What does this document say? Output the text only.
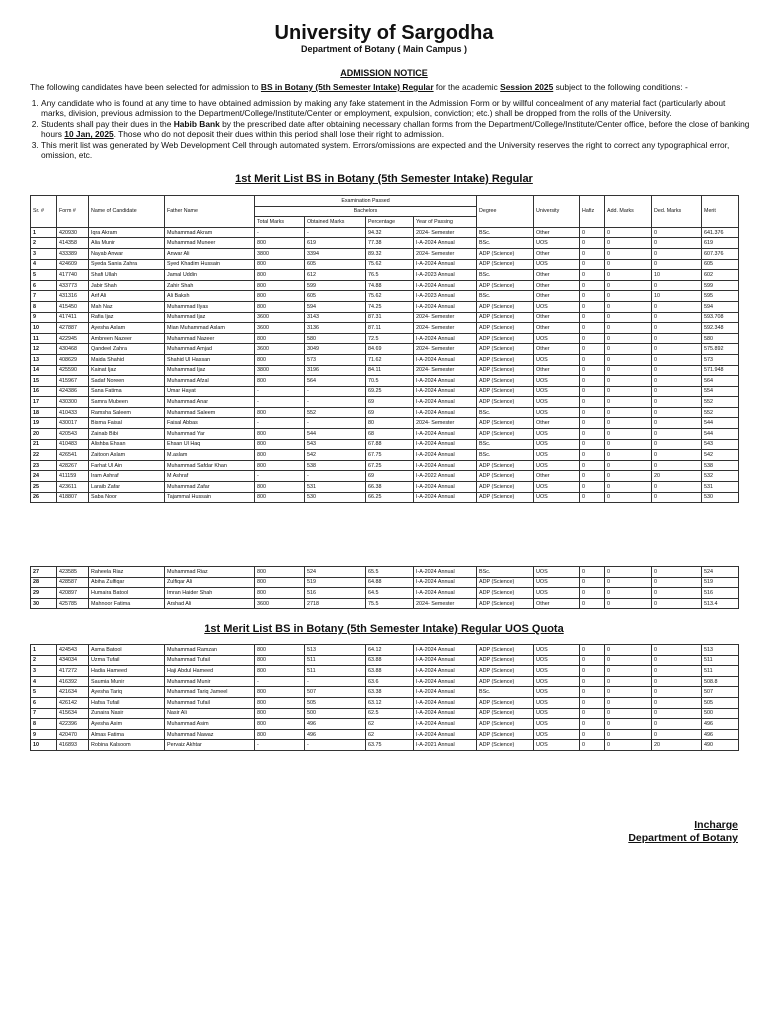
University of Sargodha
Department of Botany ( Main Campus )
ADMISSION NOTICE
The following candidates have been selected for admission to BS in Botany (5th Semester Intake) Regular for the academic Session 2025 subject to the following conditions: -
1. Any candidate who is found at any time to have obtained admission by making any fake statement in the Admission Form or by willful concealment of any material fact (particularly about marks, division, previous admission to the Department/College/Institute/Center or employment, expulsion, conviction; etc.) shall be dropped from the rolls of the University.
2. Students shall pay their dues in the Habib Bank by the prescribed date after obtaining necessary challan forms from the Department/College/Institute/Center office, before the close of banking hours 10 Jan, 2025. Those who do not deposit their dues within this period shall lose their right to admission.
3. This merit list was generated by Web Development Cell through automated system. Errors/omissions are expected and the University reserves the right to correct any typographical error, omission, etc.
1st Merit List BS in Botany (5th Semester Intake) Regular
Sr. #	Form #	Name of Candidate	Father Name	Examination Passed				Degree	University	Hafiz	Add. Marks	Ded. Marks	Merit
				Bachelors									
				Total Marks	Obtained Marks	Percentage	Year of Passing						
1	420930	Iqra Akram	Muhammad Akram	-	-	94.32	2024- Semester	BSc.	Other	0	0	0	641.376
2	414358	Alia Munir	Muhammad Muneer	800	619	77.38	I-A-2024 Annual	BSc.	UOS	0	0	0	619
3	433389	Nayab Anwar	Anwar Ali	3800	3394	89.32	2024- Semester	ADP (Science)	Other	0	0	0	607.376
4	424609	Syeda Sania Zahra	Syed Khadim Hussain	800	605	75.62	I-A-2024 Annual	ADP (Science)	UOS	0	0	0	605
5	417740	Shafi Ullah	Jamal Uddin	800	612	76.5	I-A-2023 Annual	BSc.	Other	0	0	10	602
6	433773	Jabir Shah	Zahir Shah	800	599	74.88	I-A-2024 Annual	ADP (Science)	Other	0	0	0	599
7	431316	Arif Ali	Ali Baksh	800	605	75.62	I-A-2023 Annual	BSc.	Other	0	0	10	595
8	415450	Mah Naz	Muhammad Ilyas	800	594	74.25	I-A-2024 Annual	ADP (Science)	UOS	0	0	0	594
9	417411	Rafia Ijaz	Muhammad Ijaz	3600	3143	87.31	2024- Semester	ADP (Science)	Other	0	0	0	593.708
10	427887	Ayesha Aslam	Mian Muhammad Aslam	3600	3136	87.11	2024- Semester	ADP (Science)	Other	0	0	0	592.348
11	422945	Ambreen Nazeer	Muhammad Nazeer	800	580	72.5	I-A-2024 Annual	ADP (Science)	UOS	0	0	0	580
12	430468	Qandeel Zahra	Muhammad Amjad	3600	3049	84.69	2024- Semester	ADP (Science)	Other	0	0	0	575.892
13	408629	Maida Shahid	Shahid Ul Hassan	800	573	71.62	I-A-2024 Annual	ADP (Science)	UOS	0	0	0	573
14	425590	Kainat Ijaz	Muhammad Ijaz	3800	3196	84.11	2024- Semester	ADP (Science)	Other	0	0	0	571.948
15	415967	Sadaf Noreen	Muhammad Afzal	800	564	70.5	I-A-2024 Annual	ADP (Science)	UOS	0	0	0	564
16	424386	Sana Fatima	Umar Hayat	-	-	69.25	I-A-2024 Annual	ADP (Science)	UOS	0	0	0	554
17	430300	Samra Mubeen	Muhammad Anar	-	-	69	I-A-2024 Annual	ADP (Science)	UOS	0	0	0	552
18	410433	Ramsha Saleem	Muhammad Saleem	800	552	69	I-A-2024 Annual	BSc.	UOS	0	0	0	552
19	430017	Bisma Faisal	Faisal Abbas	-	-	80	2024- Semester	ADP (Science)	Other	0	0	0	544
20	420543	Zainab Bibi	Muhammad Yar	800	544	68	I-A-2024 Annual	ADP (Science)	UOS	0	0	0	544
21	410483	Alishba Ehsan	Ehsan Ul Haq	800	543	67.88	I-A-2024 Annual	BSc.	UOS	0	0	0	543
22	426541	Zaitoon Aslam	M.aslam	800	542	67.75	I-A-2024 Annual	BSc.	UOS	0	0	0	542
23	428267	Farhat Ul Ain	Muhammad Safdar Khan	800	538	67.25	I-A-2024 Annual	ADP (Science)	UOS	0	0	0	538
24	411159	Iram Ashraf	M Ashraf	-	-	69	I-A-2022 Annual	ADP (Science)	Other	0	0	20	532
25	423611	Laraib Zafar	Muhammad Zafar	800	531	66.38	I-A-2024 Annual	ADP (Science)	UOS	0	0	0	531
26	418807	Saba Noor	Tajammal Hussain	800	530	66.25	I-A-2024 Annual	ADP (Science)	UOS	0	0	0	530
27	423585	Raheela Riaz	Muhammad Riaz	800	524	65.5	I-A-2024 Annual	BSc.	UOS	0	0	0	524
28	428587	Abiha Zulfiqar	Zulfiqar Ali	800	519	64.88	I-A-2024 Annual	ADP (Science)	UOS	0	0	0	519
29	420897	Humaira Batool	Imran Haider Shah	800	516	64.5	I-A-2024 Annual	ADP (Science)	UOS	0	0	0	516
30	425785	Mahnoor Fatima	Arshad Ali	3600	2718	75.5	2024- Semester	ADP (Science)	Other	0	0	0	513.4
1st Merit List BS in Botany (5th Semester Intake) Regular UOS Quota
1	424543	Asma Batool	Muhammad Ramzan	800	513	64.12	I-A-2024 Annual	ADP (Science)	UOS	0	0	0	513
2	434034	Uzma Tufail	Muhammad Tufail	800	511	63.88	I-A-2024 Annual	ADP (Science)	UOS	0	0	0	511
3	417272	Hadia Hameed	Haji Abdul Hameed	800	511	63.88	I-A-2024 Annual	ADP (Science)	UOS	0	0	0	511
4	416392	Saumia Munir	Muhammad Munir	-	-	63.6	I-A-2024 Annual	ADP (Science)	UOS	0	0	0	508.8
5	421634	Ayesha Tariq	Muhammad Tariq Jameel	800	507	63.38	I-A-2024 Annual	BSc.	UOS	0	0	0	507
6	426142	Hafsa Tufail	Muhammad Tufail	800	505	63.12	I-A-2024 Annual	ADP (Science)	UOS	0	0	0	505
7	415634	Zunaira Nasir	Nasir Ali	800	500	62.5	I-A-2024 Annual	ADP (Science)	UOS	0	0	0	500
8	422396	Ayesha Asim	Muhammad Asim	800	496	62	I-A-2024 Annual	ADP (Science)	UOS	0	0	0	496
9	420470	Almas Fatima	Muhammad Nawaz	800	496	62	I-A-2024 Annual	ADP (Science)	UOS	0	0	0	496
10	416893	Robina Kalsoom	Pervaiz Akhtar	-	-	63.75	I-A-2021 Annual	ADP (Science)	UOS	0	0	20	490
Incharge
Department of Botany
